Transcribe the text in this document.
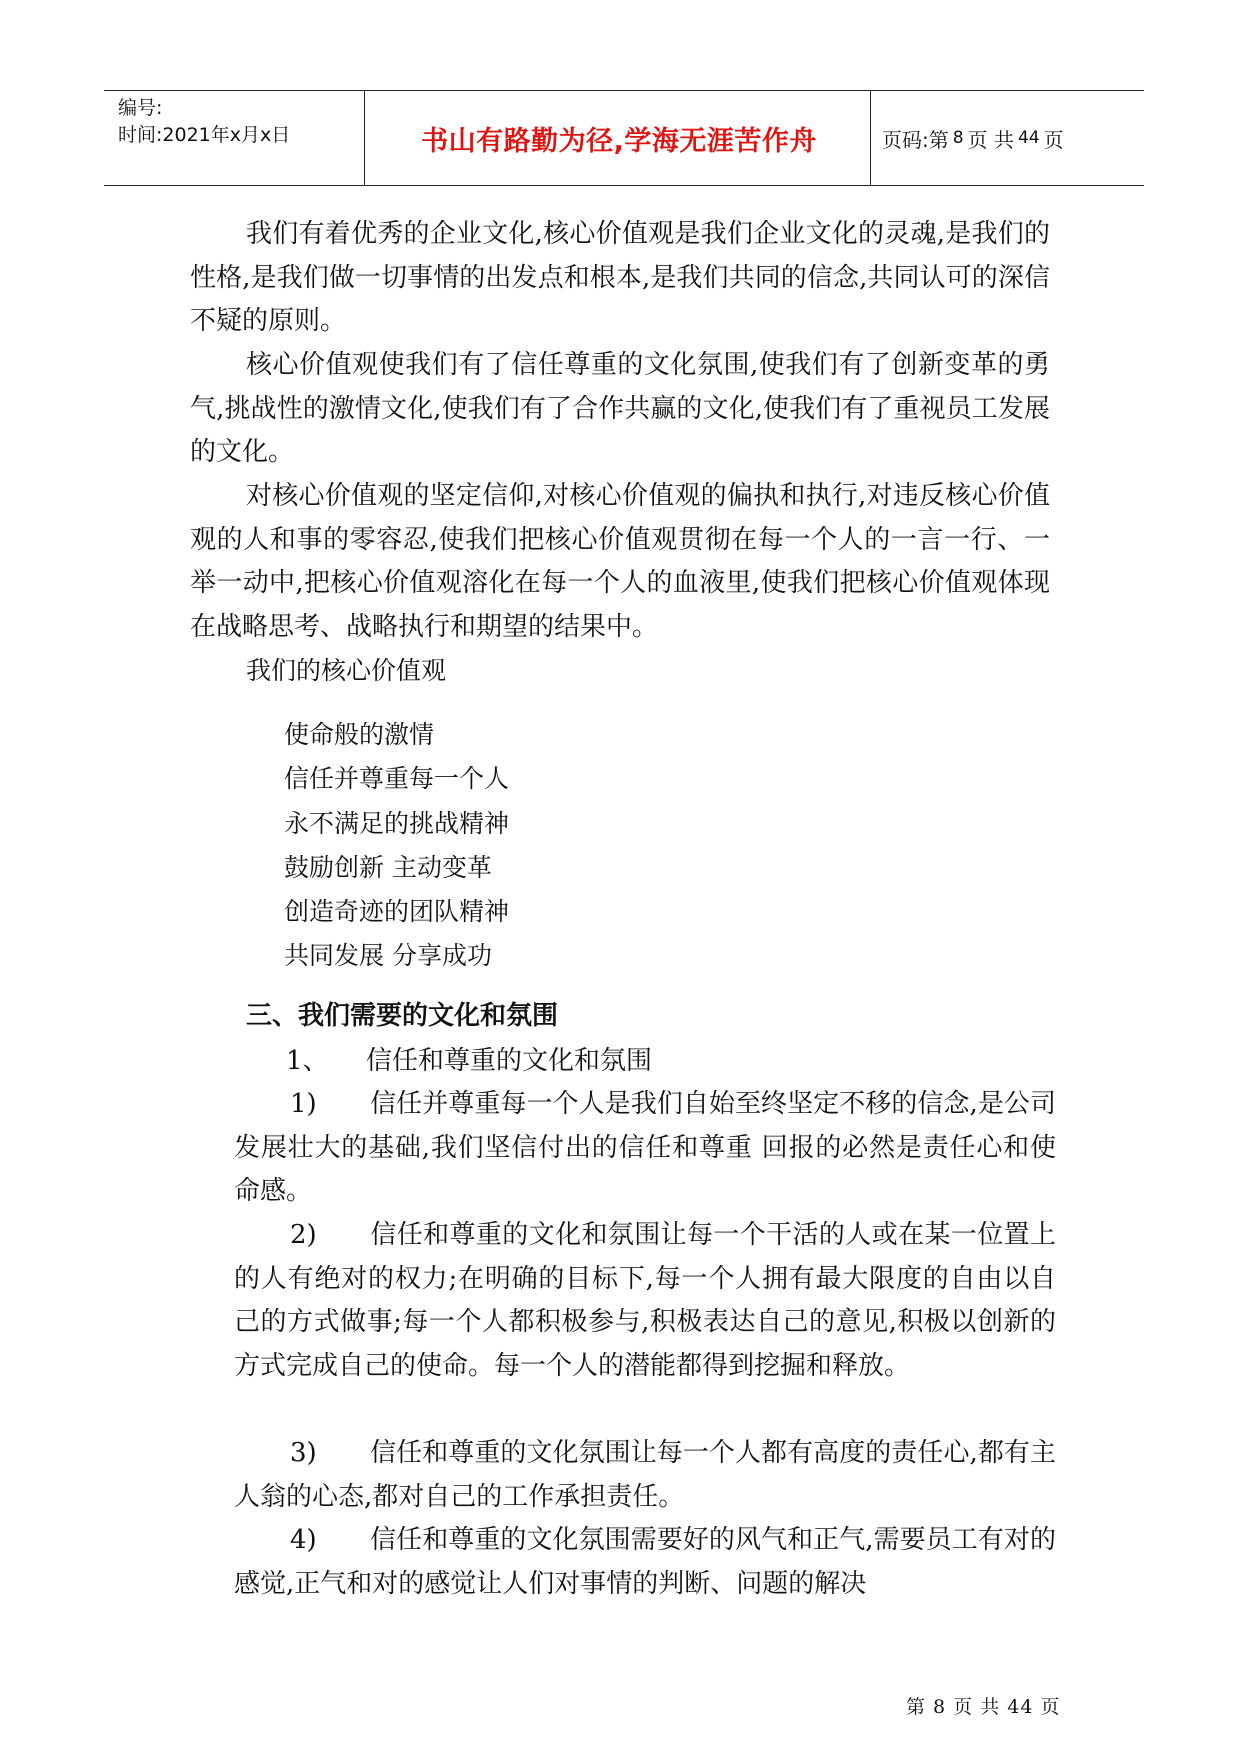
编号:
时间:2021年x月x日	书山有路勤为径,学海无涯苦作舟	页码:第 8 页 共 44 页
我们有着优秀的企业文化,核心价值观是我们企业文化的灵魂,是我们的性格,是我们做一切事情的出发点和根本,是我们共同的信念,共同认可的深信不疑的原则。
核心价值观使我们有了信任尊重的文化氛围,使我们有了创新变革的勇气,挑战性的激情文化,使我们有了合作共赢的文化,使我们有了重视员工发展的文化。
对核心价值观的坚定信仰,对核心价值观的偏执和执行,对违反核心价值观的人和事的零容忍,使我们把核心价值观贯彻在每一个人的一言一行、一举一动中,把核心价值观溶化在每一个人的血液里,使我们把核心价值观体现在战略思考、战略执行和期望的结果中。
我们的核心价值观
使命般的激情
信任并尊重每一个人
永不满足的挑战精神
鼓励创新 主动变革
创造奇迹的团队精神
共同发展 分享成功
三、我们需要的文化和氛围
1、 信任和尊重的文化和氛围
1) 信任并尊重每一个人是我们自始至终坚定不移的信念,是公司发展壮大的基础,我们坚信付出的信任和尊重 回报的必然是责任心和使命感。
2) 信任和尊重的文化和氛围让每一个干活的人或在某一位置上的人有绝对的权力;在明确的目标下,每一个人拥有最大限度的自由以自己的方式做事;每一个人都积极参与,积极表达自己的意见,积极以创新的方式完成自己的使命。每一个人的潜能都得到挖掘和释放。
3) 信任和尊重的文化氛围让每一个人都有高度的责任心,都有主人翁的心态,都对自己的工作承担责任。
4) 信任和尊重的文化氛围需要好的风气和正气,需要员工有对的感觉,正气和对的感觉让人们对事情的判断、问题的解决
第 8 页 共 44 页
